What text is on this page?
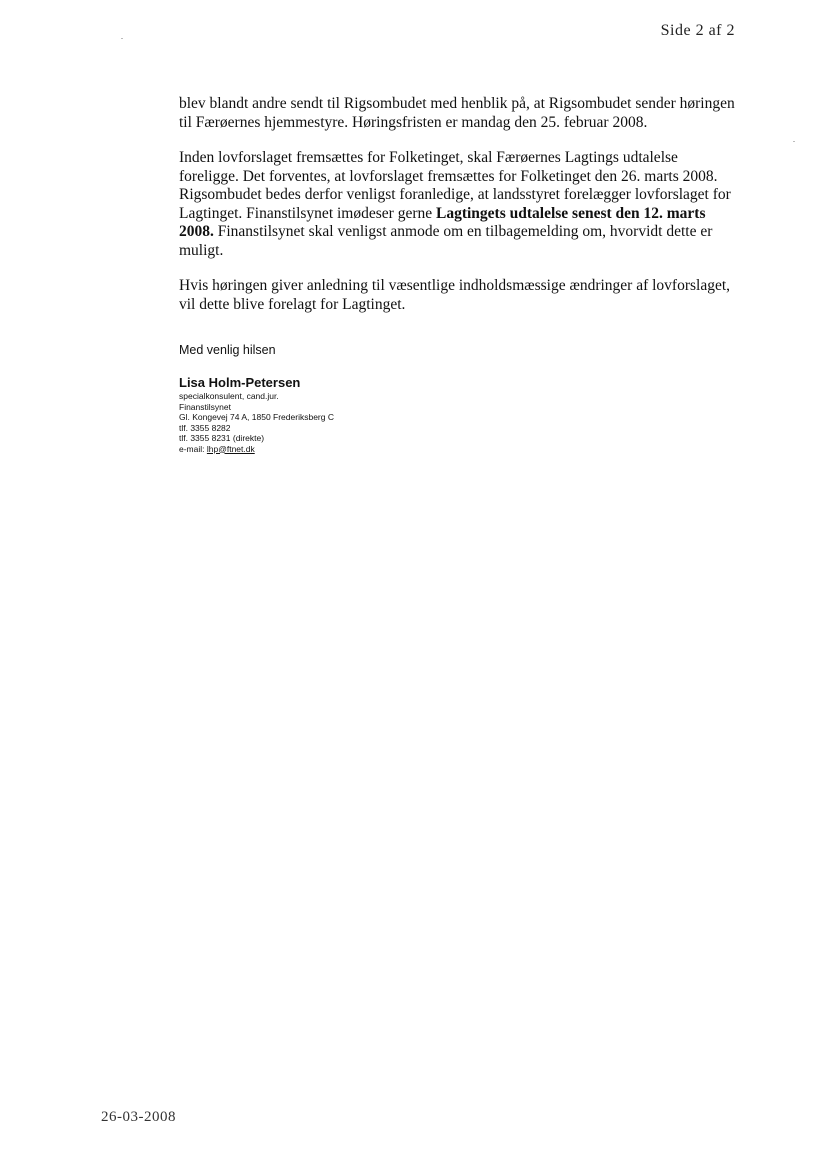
Side 2 af 2

blev blandt andre sendt til Rigsombudet med henblik på, at Rigsombudet sender høringen til Færøernes hjemmestyre. Høringsfristen er mandag den 25. februar 2008.

Inden lovforslaget fremsættes for Folketinget, skal Færøernes Lagtings udtalelse foreligge. Det forventes, at lovforslaget fremsættes for Folketinget den 26. marts 2008. Rigsombudet bedes derfor venligst foranledige, at landsstyret forelægger lovforslaget for Lagtinget. Finanstilsynet imødeser gerne Lagtingets udtalelse senest den 12. marts 2008. Finanstilsynet skal venligst anmode om en tilbagemelding om, hvorvidt dette er muligt.

Hvis høringen giver anledning til væsentlige indholdsmæssige ændringer af lovforslaget, vil dette blive forelagt for Lagtinget.

Med venlig hilsen
Lisa Holm-Petersen
specialkonsulent, cand.jur.
Finanstilsynet
Gl. Kongevej 74 A, 1850 Frederiksberg C
tlf. 3355 8282
tlf. 3355 8231 (direkte)
e-mail: lhp@ftnet.dk
26-03-2008
